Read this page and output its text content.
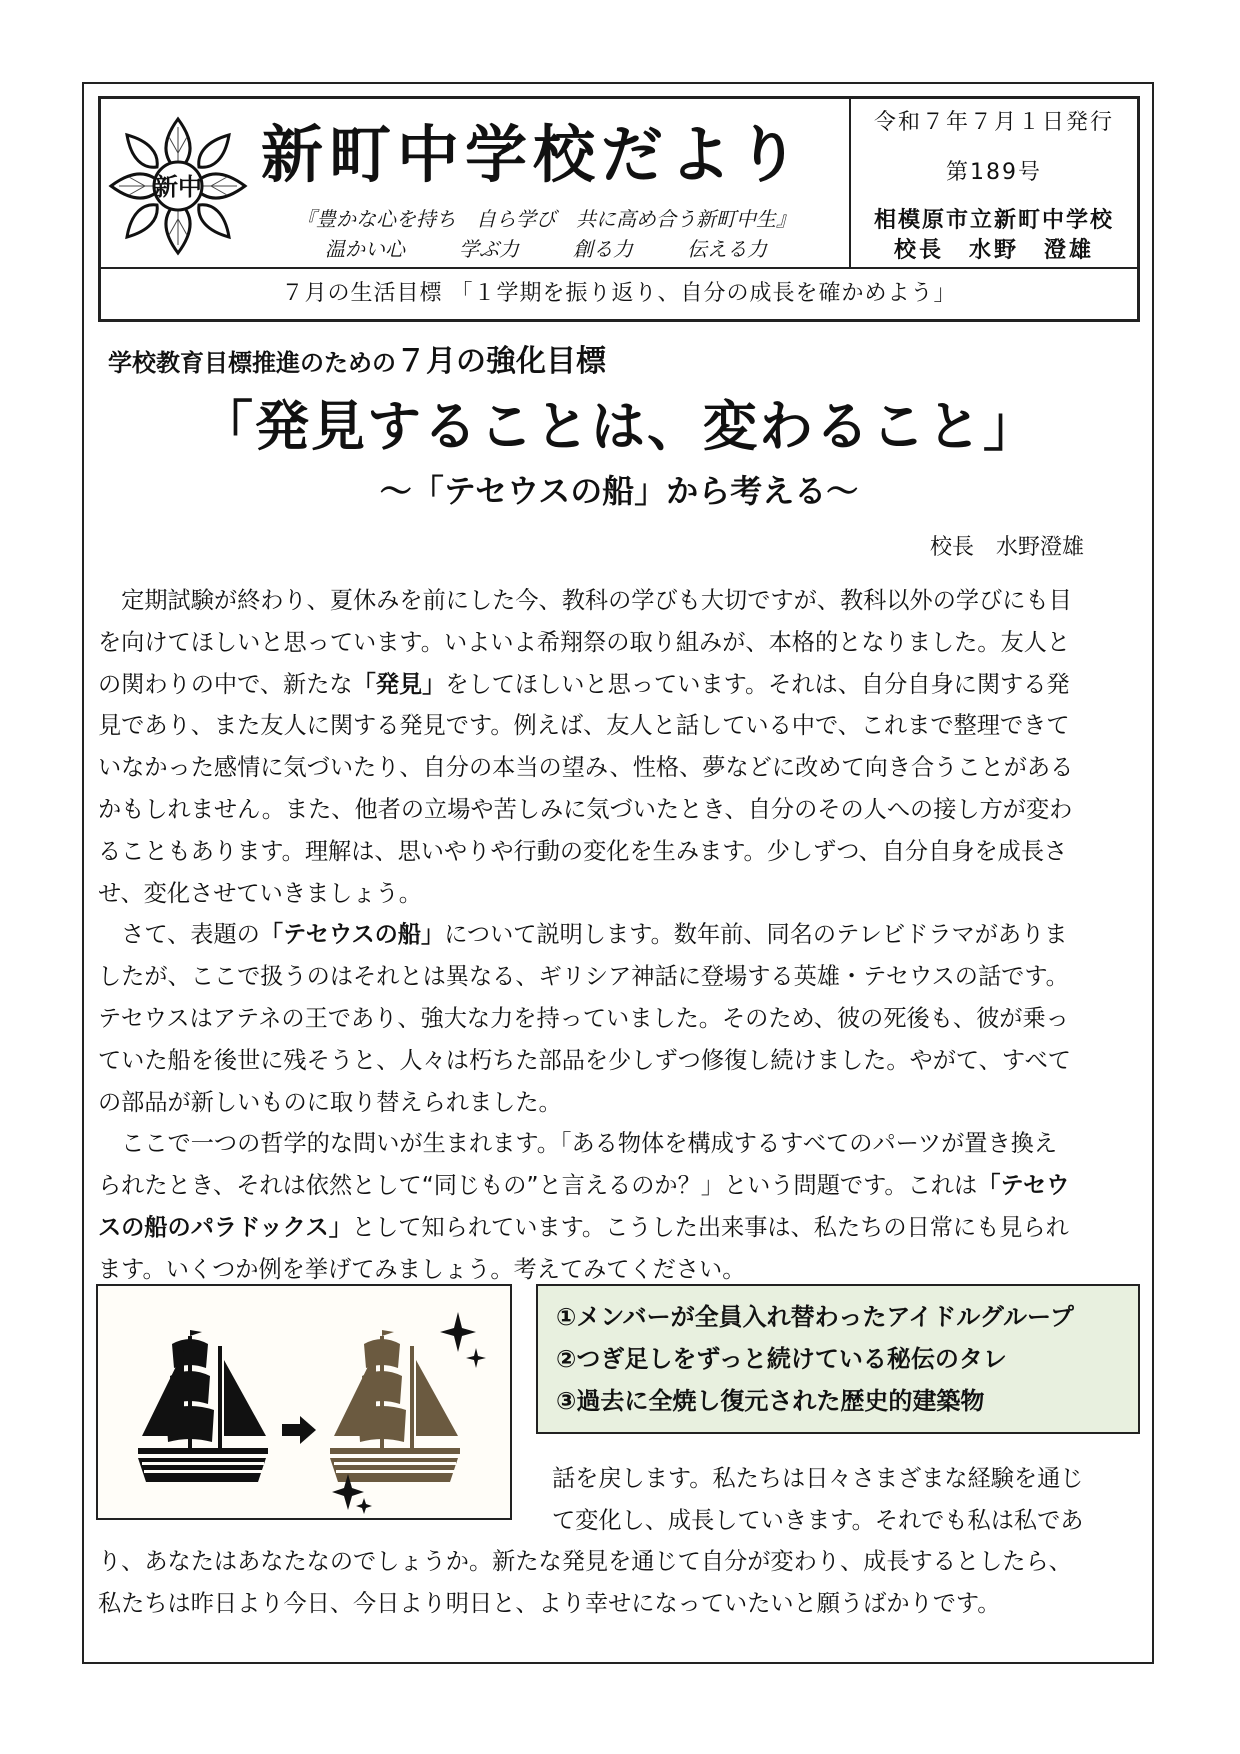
新中 新町中学校だより
『豊かな心を持ち　自ら学び　共に高め合う新町中生』
温かい心	学ぶ力	創る力	伝える力
令和７年７月１日発行
第189号
相模原市立新町中学校
校長　水野　澄雄
７月の生活目標 「１学期を振り返り、自分の成長を確かめよう」
学校教育目標推進のための７月の強化目標
「発見することは、変わること」
～「テセウスの船」から考える～
校長　水野澄雄

　定期試験が終わり、夏休みを前にした今、教科の学びも大切ですが、教科以外の学びにも目

を向けてほしいと思っています。いよいよ希翔祭の取り組みが、本格的となりました。友人と

の関わりの中で、新たな「発見」をしてほしいと思っています。それは、自分自身に関する発

見であり、また友人に関する発見です。例えば、友人と話している中で、これまで整理できて

いなかった感情に気づいたり、自分の本当の望み、性格、夢などに改めて向き合うことがある

かもしれません。また、他者の立場や苦しみに気づいたとき、自分のその人への接し方が変わ

ることもあります。理解は、思いやりや行動の変化を生みます。少しずつ、自分自身を成長さ

せ、変化させていきましょう。

　さて、表題の「テセウスの船」について説明します。数年前、同名のテレビドラマがありま

したが、ここで扱うのはそれとは異なる、ギリシア神話に登場する英雄・テセウスの話です。

テセウスはアテネの王であり、強大な力を持っていました。そのため、彼の死後も、彼が乗っ

ていた船を後世に残そうと、人々は朽ちた部品を少しずつ修復し続けました。やがて、すべて

の部品が新しいものに取り替えられました。

　ここで一つの哲学的な問いが生まれます。「ある物体を構成するすべてのパーツが置き換え

られたとき、それは依然として“同じもの”と言えるのか？」という問題です。これは「テセウ

スの船のパラドックス」として知られています。こうした出来事は、私たちの日常にも見られ

ます。いくつか例を挙げてみましょう。考えてみてください。

①メンバーが全員入れ替わったアイドルグループ
②つぎ足しをずっと続けている秘伝のタレ
③過去に全焼し復元された歴史的建築物

話を戻します。私たちは日々さまざまな経験を通じ

て変化し、成長していきます。それでも私は私であ

り、あなたはあなたなのでしょうか。新たな発見を通じて自分が変わり、成長するとしたら、

私たちは昨日より今日、今日より明日と、より幸せになっていたいと願うばかりです。
